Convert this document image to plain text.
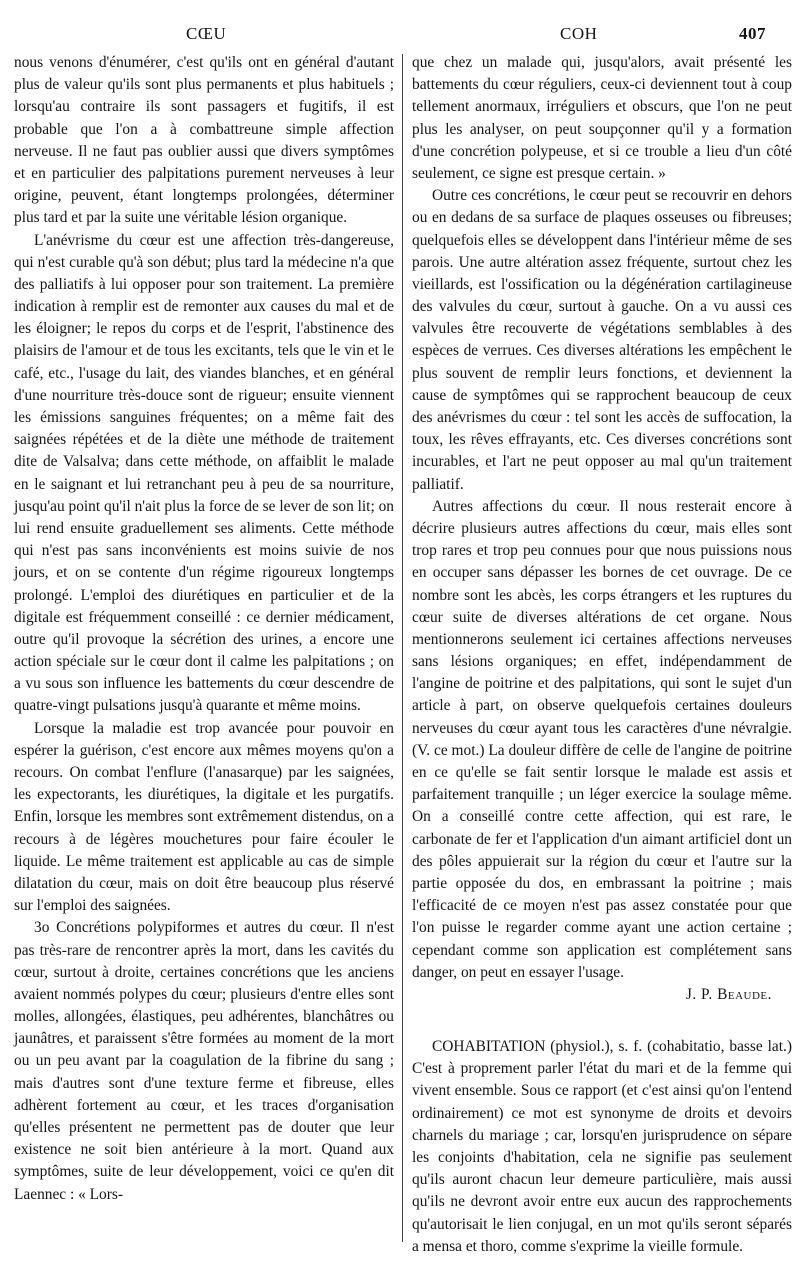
CŒU	COH	407

nous venons d'énumérer, c'est qu'ils ont en général d'autant plus de valeur qu'ils sont plus permanents et plus habituels ; lorsqu'au contraire ils sont passagers et fugitifs, il est probable que l'on a à combattreune simple affection nerveuse. Il ne faut pas oublier aussi que divers symptômes et en particulier des palpitations purement nerveuses à leur origine, peuvent, étant longtemps prolongées, déterminer plus tard et par la suite une véritable lésion organique.

L'anévrisme du cœur est une affection très-dangereuse, qui n'est curable qu'à son début; plus tard la médecine n'a que des palliatifs à lui opposer pour son traitement. La première indication à remplir est de remonter aux causes du mal et de les éloigner; le repos du corps et de l'esprit, l'abstinence des plaisirs de l'amour et de tous les excitants, tels que le vin et le café, etc., l'usage du lait, des viandes blanches, et en général d'une nourriture très-douce sont de rigueur; ensuite viennent les émissions sanguines fréquentes; on a même fait des saignées répétées et de la diète une méthode de traitement dite de Valsalva; dans cette méthode, on affaiblit le malade en le saignant et lui retranchant peu à peu de sa nourriture, jusqu'au point qu'il n'ait plus la force de se lever de son lit; on lui rend ensuite graduellement ses aliments. Cette méthode qui n'est pas sans inconvénients est moins suivie de nos jours, et on se contente d'un régime rigoureux longtemps prolongé. L'emploi des diurétiques en particulier et de la digitale est fréquemment conseillé : ce dernier médicament, outre qu'il provoque la sécrétion des urines, a encore une action spéciale sur le cœur dont il calme les palpitations ; on a vu sous son influence les battements du cœur descendre de quatre-vingt pulsations jusqu'à quarante et même moins.

Lorsque la maladie est trop avancée pour pouvoir en espérer la guérison, c'est encore aux mêmes moyens qu'on a recours. On combat l'enflure (l'anasarque) par les saignées, les expectorants, les diurétiques, la digitale et les purgatifs. Enfin, lorsque les membres sont extrêmement distendus, on a recours à de légères mouchetures pour faire écouler le liquide. Le même traitement est applicable au cas de simple dilatation du cœur, mais on doit être beaucoup plus réservé sur l'emploi des saignées.

3o Concrétions polypiformes et autres du cœur. Il n'est pas très-rare de rencontrer après la mort, dans les cavités du cœur, surtout à droite, certaines concrétions que les anciens avaient nommés polypes du cœur; plusieurs d'entre elles sont molles, allongées, élastiques, peu adhérentes, blanchâtres ou jaunâtres, et paraissent s'être formées au moment de la mort ou un peu avant par la coagulation de la fibrine du sang ; mais d'autres sont d'une texture ferme et fibreuse, elles adhèrent fortement au cœur, et les traces d'organisation qu'elles présentent ne permettent pas de douter que leur existence ne soit bien antérieure à la mort. Quand aux symptômes, suite de leur développement, voici ce qu'en dit Laennec : « Lors-

que chez un malade qui, jusqu'alors, avait présenté les battements du cœur réguliers, ceux-ci deviennent tout à coup tellement anormaux, irréguliers et obscurs, que l'on ne peut plus les analyser, on peut soupçonner qu'il y a formation d'une concrétion polypeuse, et si ce trouble a lieu d'un côté seulement, ce signe est presque certain. »

Outre ces concrétions, le cœur peut se recouvrir en dehors ou en dedans de sa surface de plaques osseuses ou fibreuses; quelquefois elles se développent dans l'intérieur même de ses parois. Une autre altération assez fréquente, surtout chez les vieillards, est l'ossification ou la dégénération cartilagineuse des valvules du cœur, surtout à gauche. On a vu aussi ces valvules être recouverte de végétations semblables à des espèces de verrues. Ces diverses altérations les empêchent le plus souvent de remplir leurs fonctions, et deviennent la cause de symptômes qui se rapprochent beaucoup de ceux des anévrismes du cœur : tel sont les accès de suffocation, la toux, les rêves effrayants, etc. Ces diverses concrétions sont incurables, et l'art ne peut opposer au mal qu'un traitement palliatif.

Autres affections du cœur. Il nous resterait encore à décrire plusieurs autres affections du cœur, mais elles sont trop rares et trop peu connues pour que nous puissions nous en occuper sans dépasser les bornes de cet ouvrage. De ce nombre sont les abcès, les corps étrangers et les ruptures du cœur suite de diverses altérations de cet organe. Nous mentionnerons seulement ici certaines affections nerveuses sans lésions organiques; en effet, indépendamment de l'angine de poitrine et des palpitations, qui sont le sujet d'un article à part, on observe quelquefois certaines douleurs nerveuses du cœur ayant tous les caractères d'une névralgie. (V. ce mot.) La douleur diffère de celle de l'angine de poitrine en ce qu'elle se fait sentir lorsque le malade est assis et parfaitement tranquille ; un léger exercice la soulage même. On a conseillé contre cette affection, qui est rare, le carbonate de fer et l'application d'un aimant artificiel dont un des pôles appuierait sur la région du cœur et l'autre sur la partie opposée du dos, en embrassant la poitrine ; mais l'efficacité de ce moyen n'est pas assez constatée pour que l'on puisse le regarder comme ayant une action certaine ; cependant comme son application est complétement sans danger, on peut en essayer l'usage.

J. P. Beaude.

COHABITATION (physiol.), s. f. (cohabitatio, basse lat.) C'est à proprement parler l'état du mari et de la femme qui vivent ensemble. Sous ce rapport (et c'est ainsi qu'on l'entend ordinairement) ce mot est synonyme de droits et devoirs charnels du mariage ; car, lorsqu'en jurisprudence on sépare les conjoints d'habitation, cela ne signifie pas seulement qu'ils auront chacun leur demeure particulière, mais aussi qu'ils ne devront avoir entre eux aucun des rapprochements qu'autorisait le lien conjugal, en un mot qu'ils seront séparés a mensa et thoro, comme s'exprime la vieille formule.
